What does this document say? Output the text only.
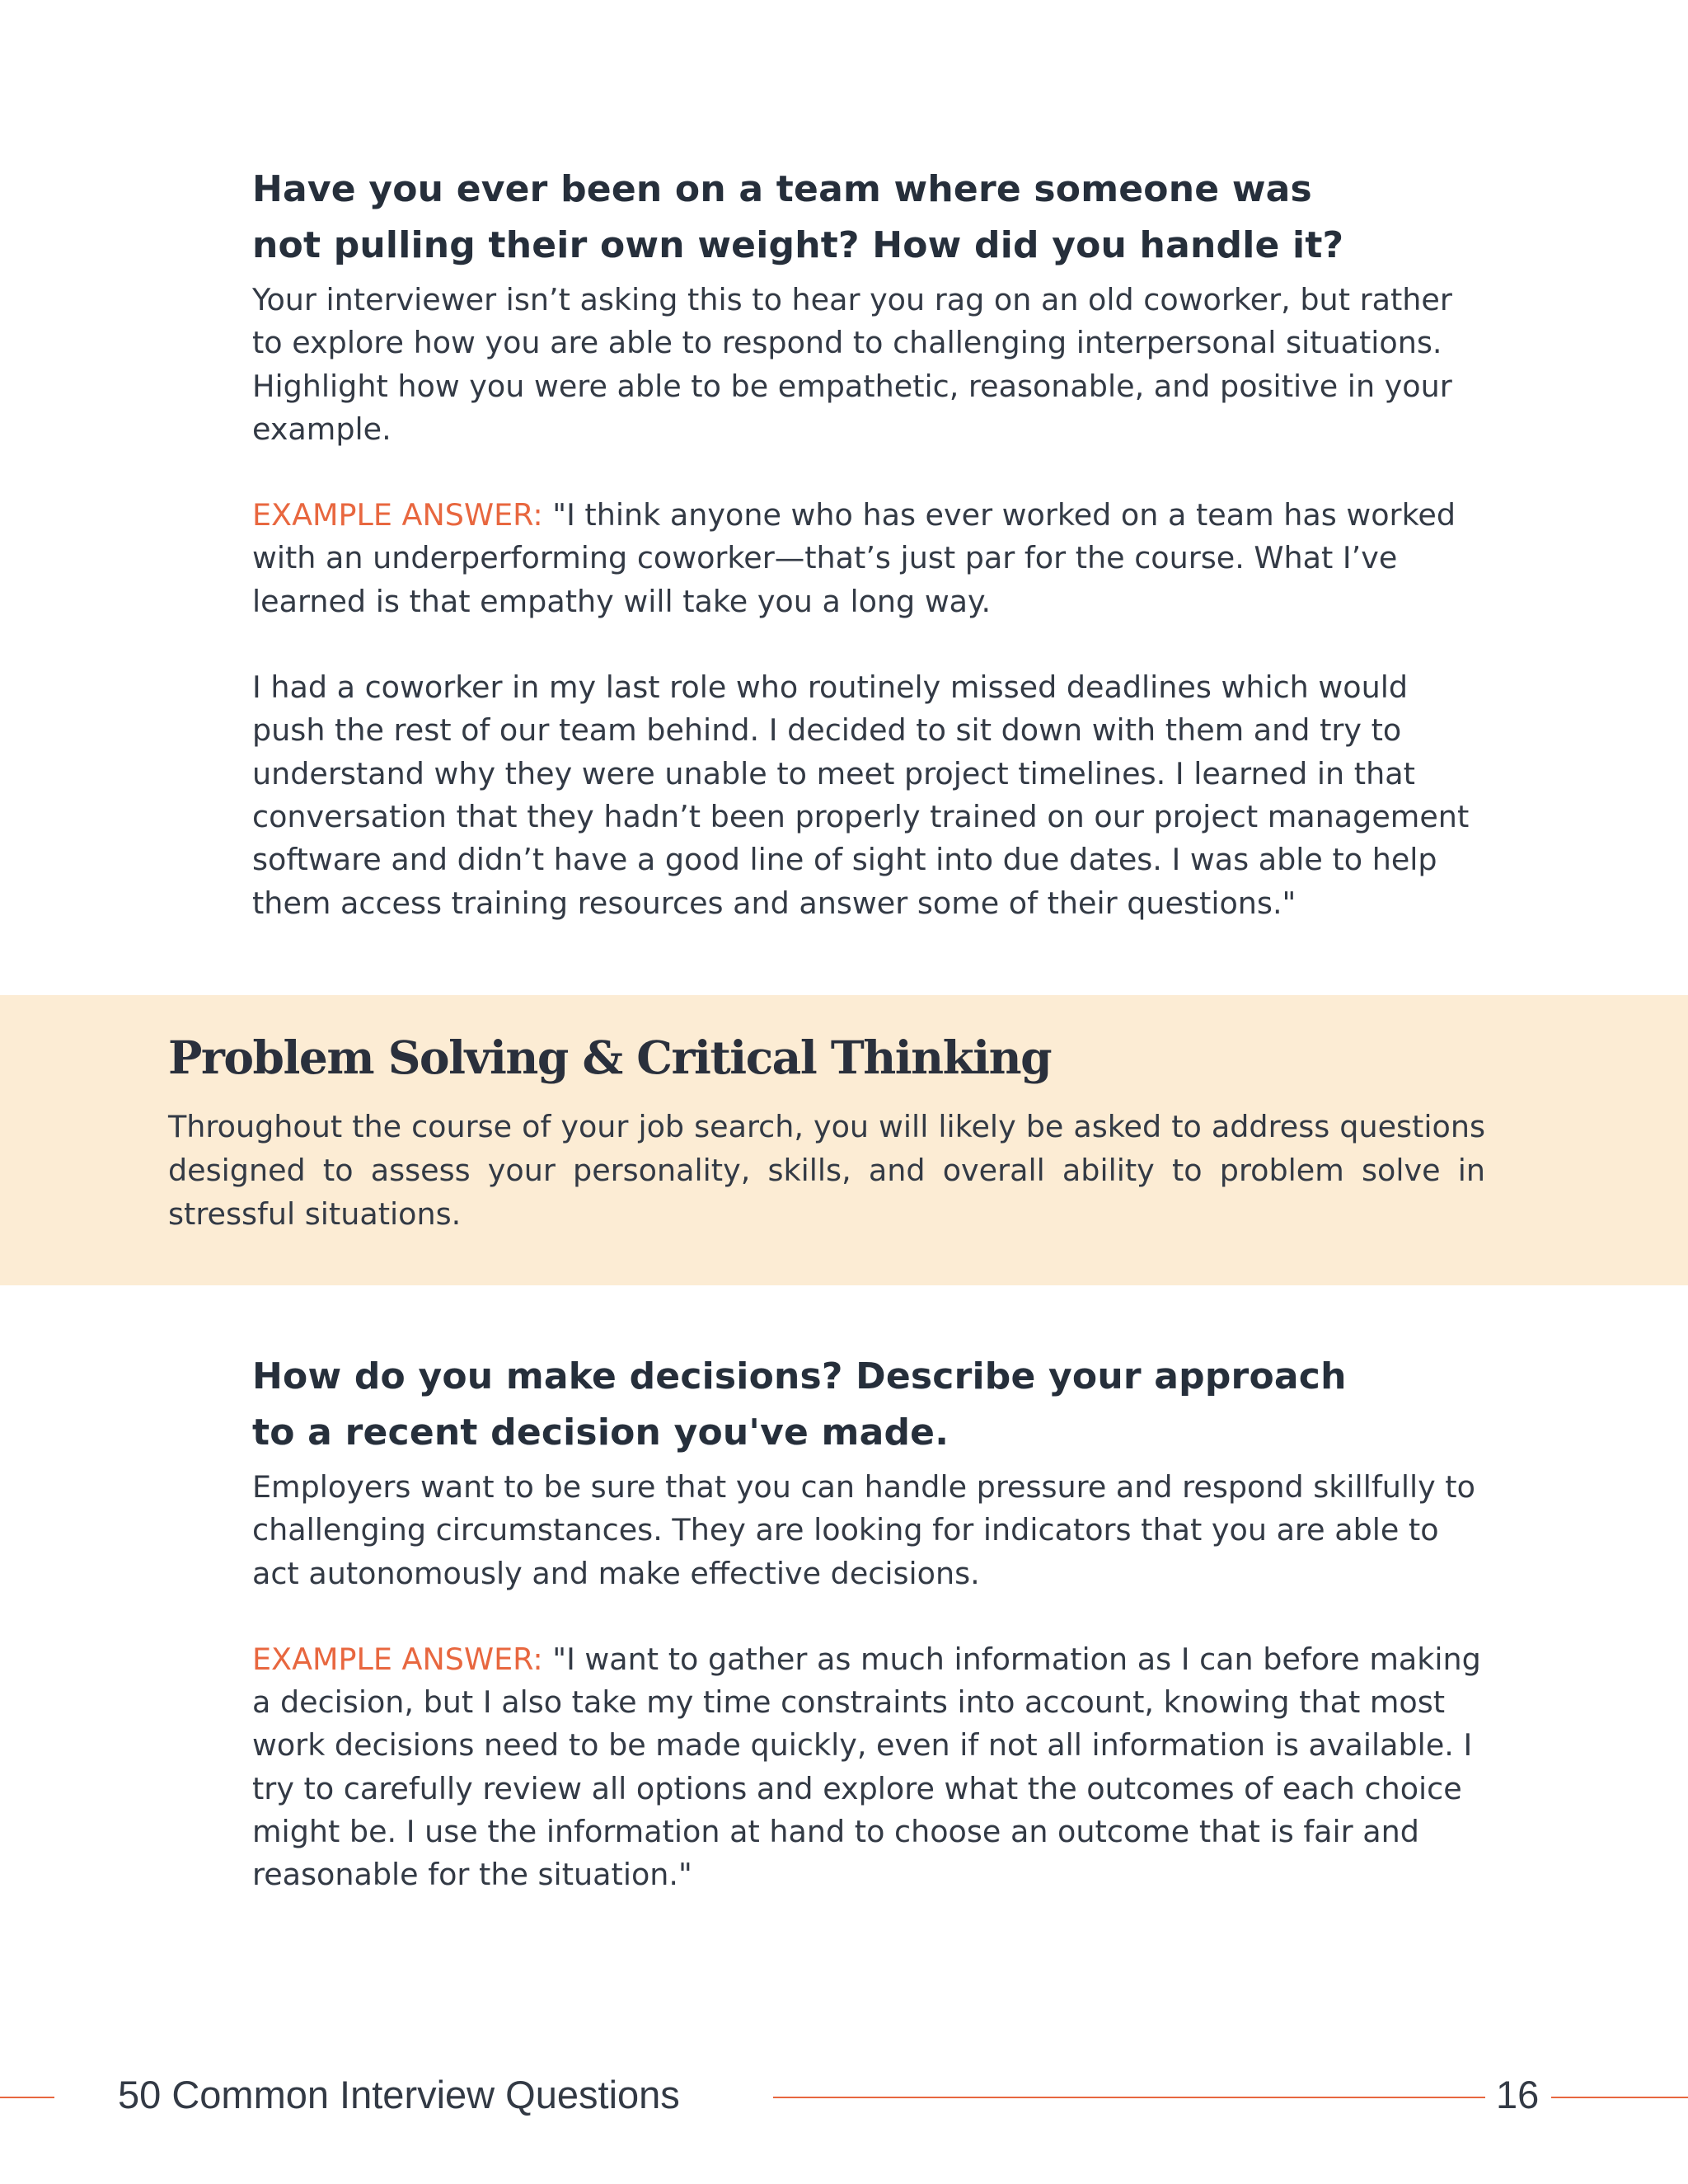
Have you ever been on a team where someone was not pulling their own weight? How did you handle it?

Your interviewer isn’t asking this to hear you rag on an old coworker, but rather to explore how you are able to respond to challenging interpersonal situations. Highlight how you were able to be empathetic, reasonable, and positive in your example.

EXAMPLE ANSWER: "I think anyone who has ever worked on a team has worked with an underperforming coworker—that’s just par for the course. What I’ve learned is that empathy will take you a long way.

I had a coworker in my last role who routinely missed deadlines which would push the rest of our team behind. I decided to sit down with them and try to understand why they were unable to meet project timelines. I learned in that conversation that they hadn’t been properly trained on our project management software and didn’t have a good line of sight into due dates. I was able to help them access training resources and answer some of their questions."

Problem Solving & Critical Thinking

Throughout the course of your job search, you will likely be asked to address questions designed to assess your personality, skills, and overall ability to problem solve in stressful situations.

How do you make decisions? Describe your approach to a recent decision you've made.

Employers want to be sure that you can handle pressure and respond skillfully to challenging circumstances. They are looking for indicators that you are able to act autonomously and make effective decisions.

EXAMPLE ANSWER: "I want to gather as much information as I can before making a decision, but I also take my time constraints into account, knowing that most work decisions need to be made quickly, even if not all information is available. I try to carefully review all options and explore what the outcomes of each choice might be. I use the information at hand to choose an outcome that is fair and reasonable for the situation."

50 Common Interview Questions	16
